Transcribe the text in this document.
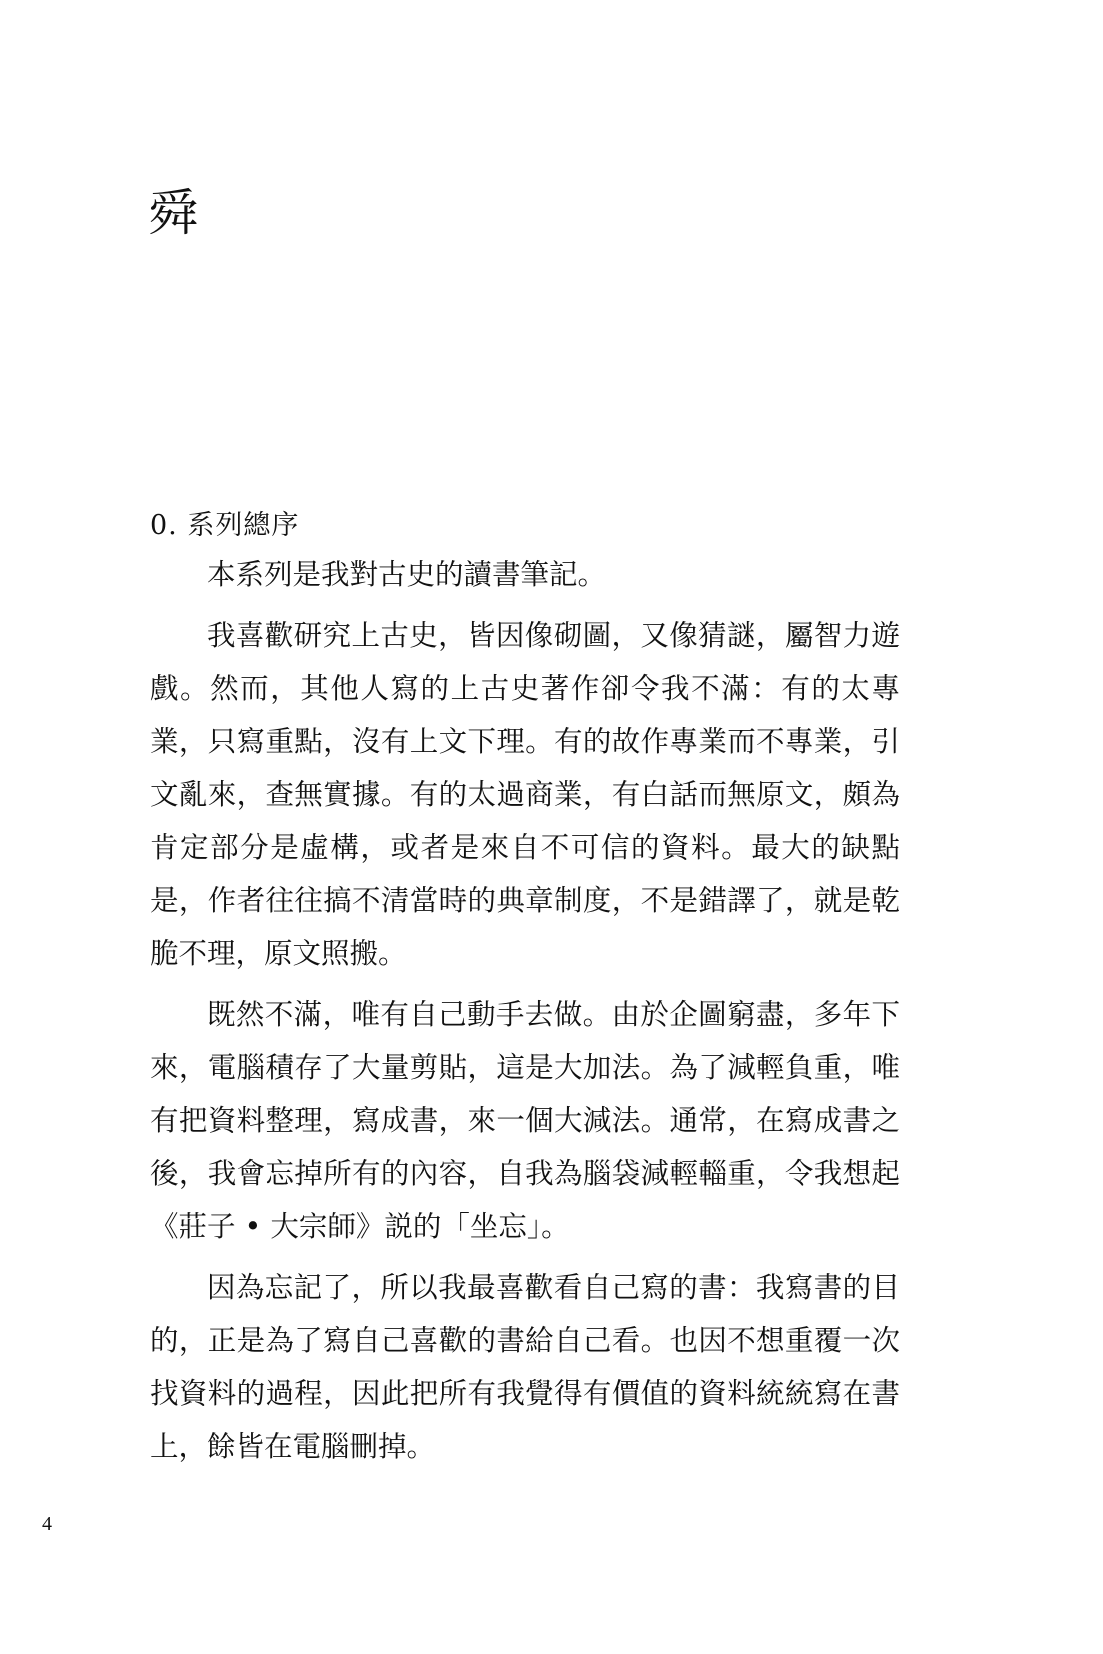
舜
0. 系列總序

本系列是我對古史的讀書筆記。

我喜歡研究上古史，皆因像砌圖，又像猜謎，屬智力遊戲。然而，其他人寫的上古史著作卻令我不滿：有的太專業，只寫重點，沒有上文下理。有的故作專業而不專業，引文亂來，查無實據。有的太過商業，有白話而無原文，頗為肯定部分是虛構，或者是來自不可信的資料。最大的缺點是，作者往往搞不清當時的典章制度，不是錯譯了，就是乾脆不理，原文照搬。

既然不滿，唯有自己動手去做。由於企圖窮盡，多年下來，電腦積存了大量剪貼，這是大加法。為了減輕負重，唯有把資料整理，寫成書，來一個大減法。通常，在寫成書之後，我會忘掉所有的內容，自我為腦袋減輕輜重，令我想起《莊子 • 大宗師》説的「坐忘」。

因為忘記了，所以我最喜歡看自己寫的書：我寫書的目的，正是為了寫自己喜歡的書給自己看。也因不想重覆一次找資料的過程，因此把所有我覺得有價值的資料統統寫在書上，餘皆在電腦刪掉。

4
